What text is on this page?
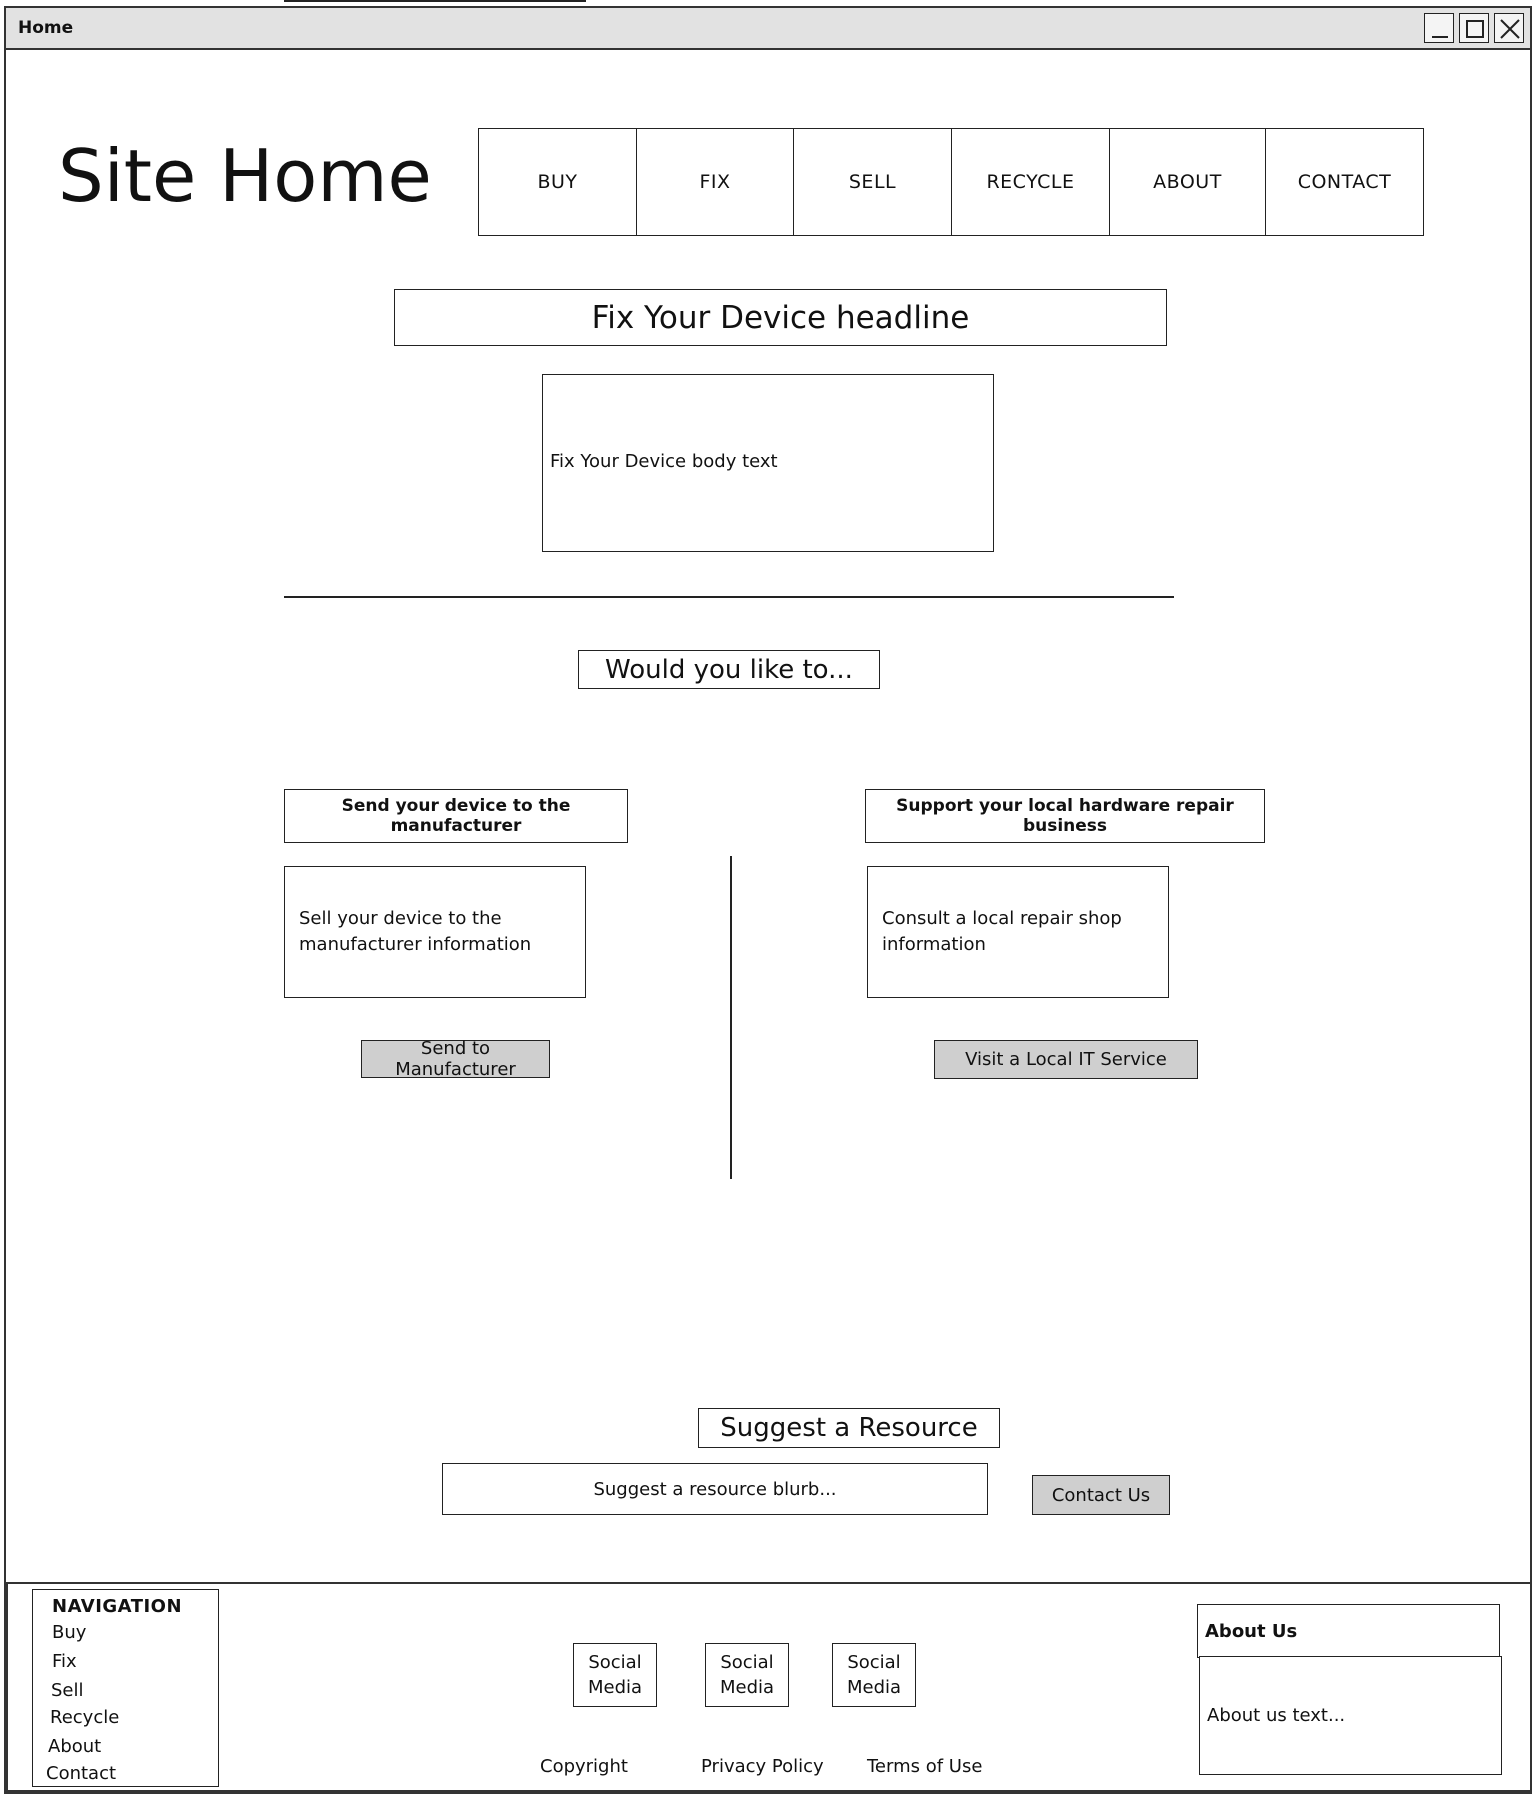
Home
Site Home	BUY	FIX	SELL	RECYCLE	ABOUT	CONTACT
Fix Your Device headline
Fix Your Device body text
Would you like to...
Send your device to the manufacturer
Sell your device to the manufacturer information
Send to Manufacturer
Support your local hardware repair business
Consult a local repair shop information
Visit a Local IT Service
Suggest a Resource
Suggest a resource blurb...	Contact Us
NAVIGATION
Buy
Fix
Sell
Recycle
About
Contact
Social
Media
Social
Media
Social
Media
Copyright	Privacy Policy Terms of Use
About Us
About us text...
